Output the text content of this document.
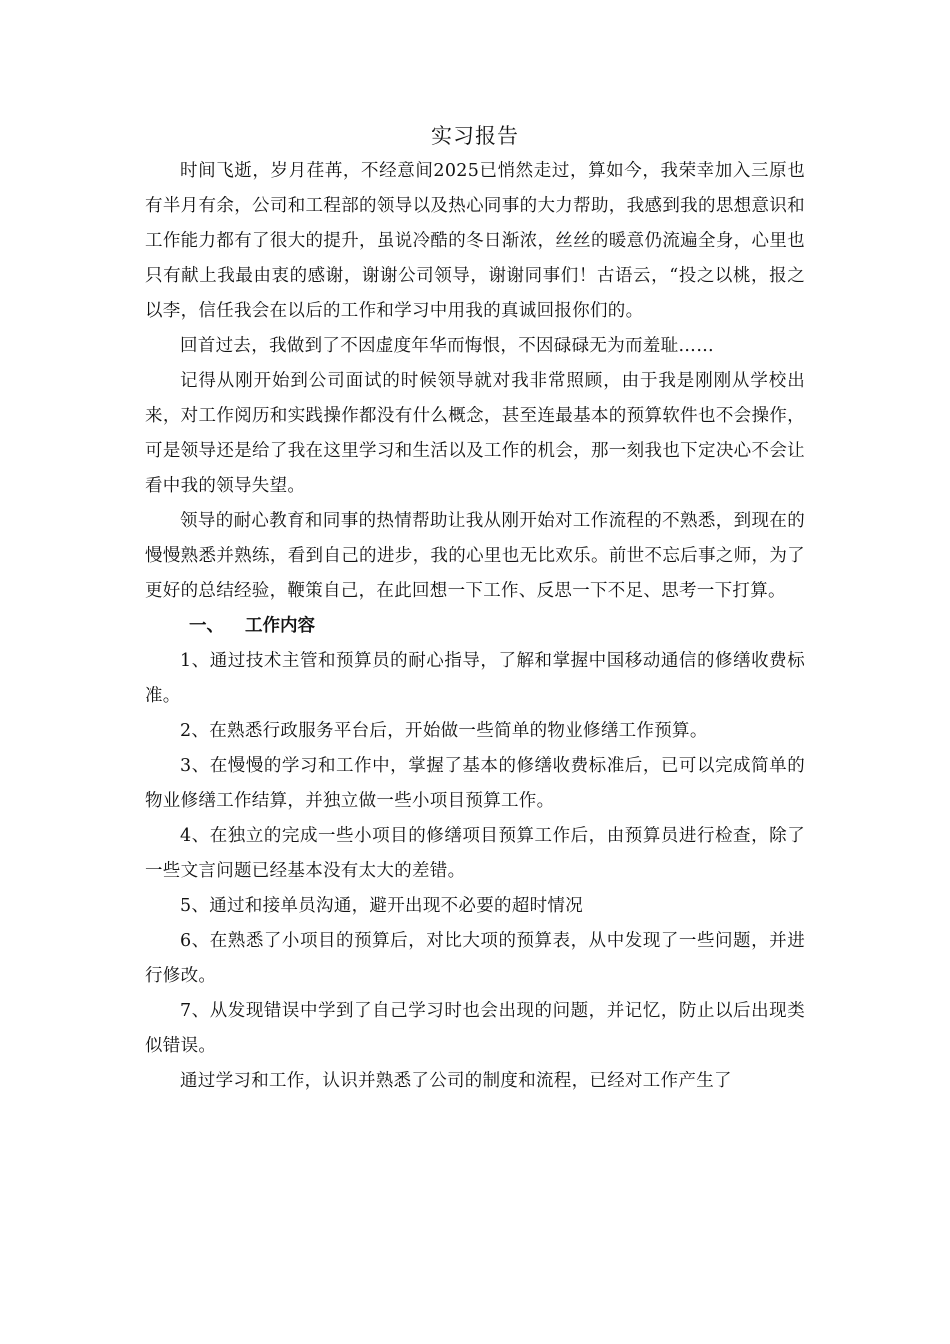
实习报告

时间飞逝，岁月荏苒，不经意间2025已悄然走过，算如今，我荣幸加入三原也有半月有余，公司和工程部的领导以及热心同事的大力帮助，我感到我的思想意识和工作能力都有了很大的提升，虽说冷酷的冬日渐浓，丝丝的暖意仍流遍全身，心里也只有献上我最由衷的感谢，谢谢公司领导，谢谢同事们！古语云，“投之以桃，报之以李，信任我会在以后的工作和学习中用我的真诚回报你们的。

回首过去，我做到了不因虚度年华而悔恨，不因碌碌无为而羞耻……

记得从刚开始到公司面试的时候领导就对我非常照顾，由于我是刚刚从学校出来，对工作阅历和实践操作都没有什么概念，甚至连最基本的预算软件也不会操作，可是领导还是给了我在这里学习和生活以及工作的机会，那一刻我也下定决心不会让看中我的领导失望。

领导的耐心教育和同事的热情帮助让我从刚开始对工作流程的不熟悉，到现在的慢慢熟悉并熟练，看到自己的进步，我的心里也无比欢乐。前世不忘后事之师，为了更好的总结经验，鞭策自己，在此回想一下工作、反思一下不足、思考一下打算。

一、	工作内容

1、通过技术主管和预算员的耐心指导，了解和掌握中国移动通信的修缮收费标准。

2、在熟悉行政服务平台后，开始做一些简单的物业修缮工作预算。

3、在慢慢的学习和工作中，掌握了基本的修缮收费标准后，已可以完成简单的物业修缮工作结算，并独立做一些小项目预算工作。

4、在独立的完成一些小项目的修缮项目预算工作后，由预算员进行检查，除了一些文言问题已经基本没有太大的差错。

5、通过和接单员沟通，避开出现不必要的超时情况

6、在熟悉了小项目的预算后，对比大项的预算表，从中发现了一些问题，并进行修改。

7、从发现错误中学到了自己学习时也会出现的问题，并记忆，防止以后出现类似错误。

通过学习和工作，认识并熟悉了公司的制度和流程，已经对工作产生了
